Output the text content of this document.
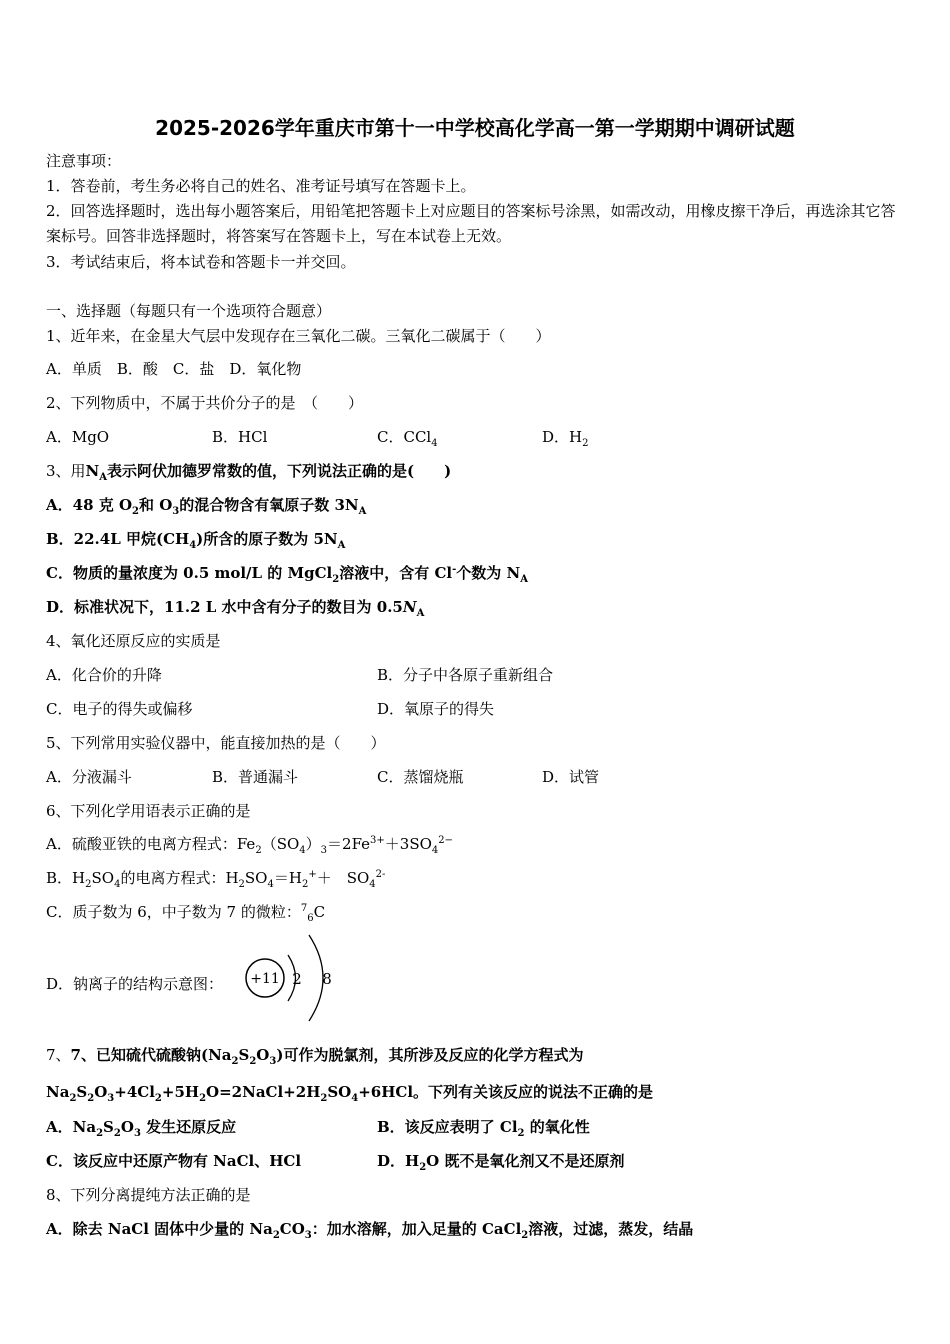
2025-2026学年重庆市第十一中学校高化学高一第一学期期中调研试题
注意事项：
1．答卷前，考生务必将自己的姓名、准考证号填写在答题卡上。
2．回答选择题时，选出每小题答案后，用铅笔把答题卡上对应题目的答案标号涂黑，如需改动，用橡皮擦干净后，再选涂其它答案标号。回答非选择题时，将答案写在答题卡上，写在本试卷上无效。
3．考试结束后，将本试卷和答题卡一并交回。
一、选择题（每题只有一个选项符合题意）
1、近年来，在金星大气层中发现存在三氧化二碳。三氧化二碳属于（　　）
A．单质　B．酸　C．盐　D．氧化物
2、下列物质中，不属于共价分子的是　（　　）
A．MgO	B．HCl	C．CCl$_4$	D．$H_2$
3、用$N_A$表示阿伏加德罗常数的值，下列说法正确的是(　　)
A．48 克 $O_2$和 $O_3$的混合物含有氧原子数 $3N_A$
B．22.4L 甲烷$(CH_4)$所含的原子数为 $5N_A$
C．物质的量浓度为 0.5 mol/L 的 MgCl$_2$溶液中，含有 Cl-个数为 $N_A$
D．标准状况下，11.2 L 水中含有分子的数目为 $0.5N_A$
4、氧化还原反应的实质是
A．化合价的升降	B．分子中各原子重新组合
C．电子的得失或偏移	D．氧原子的得失
5、下列常用实验仪器中，能直接加热的是（　　）
A．分液漏斗	B．普通漏斗	C．蒸馏烧瓶	D．试管
6、下列化学用语表示正确的是
A．硫酸亚铁的电离方程式：$Fe_2(SO_4)_3=2Fe^{3+}+3SO_4^{2-}$
B．$H_2SO_4$的电离方程式：$H_2SO_4=H_2^++$　$SO_4^{2-}$
C．质子数为 6，中子数为 7 的微粒：$^7_6$C
D．钠离子的结构示意图： +11 2 8
7、7、已知硫代硫酸钠$(Na_2S_2O_3)$可作为脱氯剂，其所涉及反应的化学方程式为
$Na_2S_2O_3+4Cl_2+5H_2O=2NaCl+2H_2SO_4+6HCl$。下列有关该反应的说法不正确的是
A．$Na_2S_2O_3$ 发生还原反应	B．该反应表明了 $Cl_2$ 的氧化性
C．该反应中还原产物有 NaCl、HCl	D．$H_2O$ 既不是氧化剂又不是还原剂
8、下列分离提纯方法正确的是
A．除去 NaCl 固体中少量的 $Na_2CO_3$：加水溶解，加入足量的 CaCl$_2$溶液，过滤，蒸发，结晶
